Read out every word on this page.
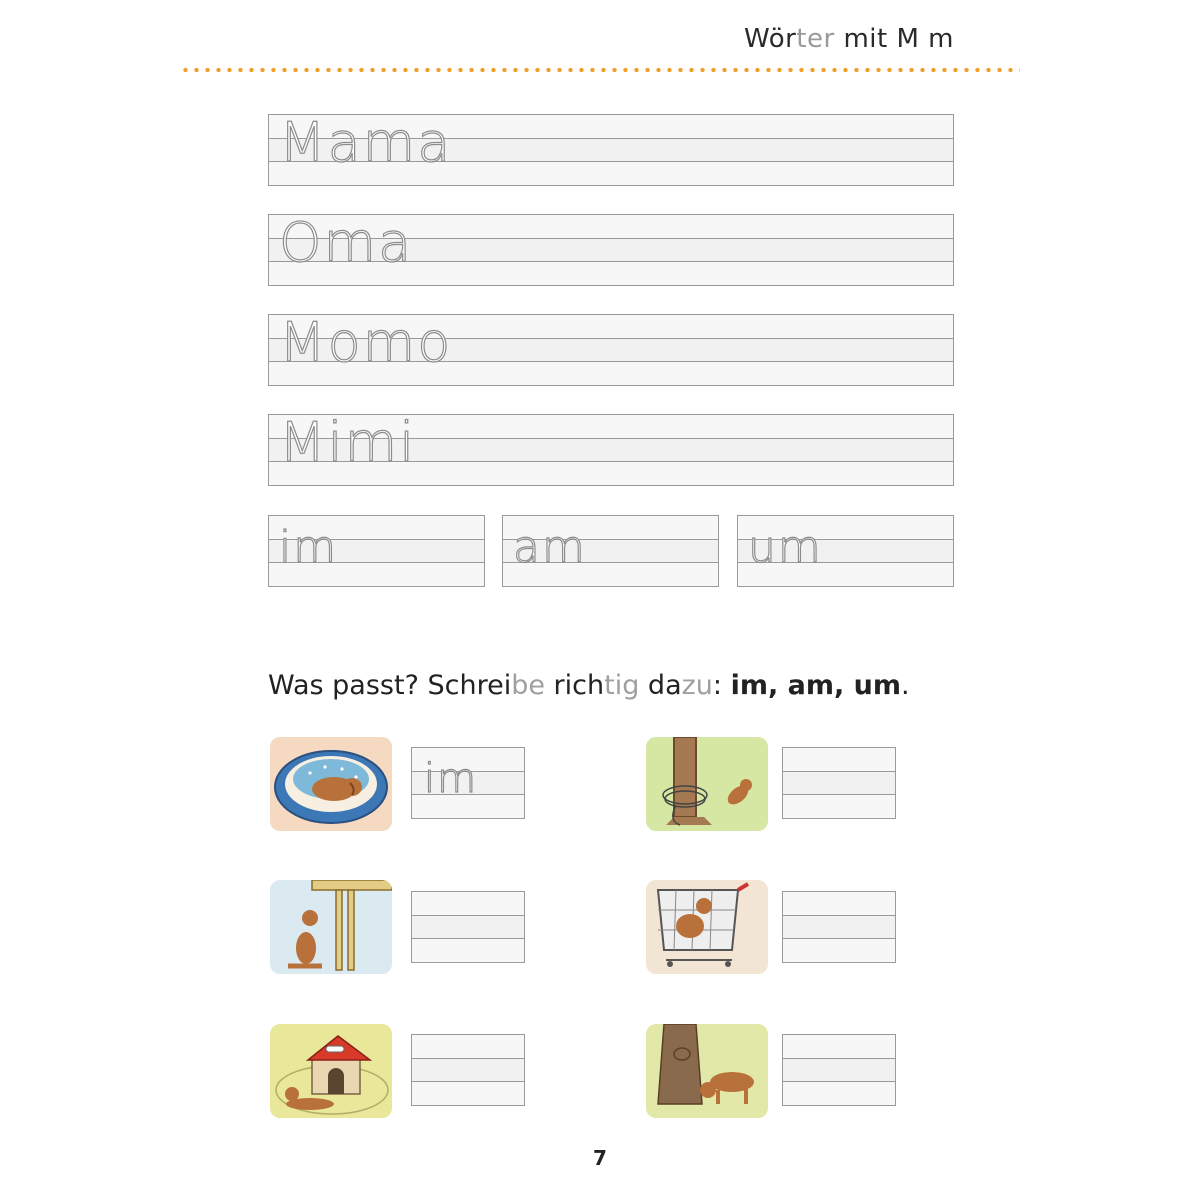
Wörter mit M m
Mama
Oma
Momo
Mimi
im	am	um
Was passt? Schreibe richtig dazu: im, am, um.
im
7
